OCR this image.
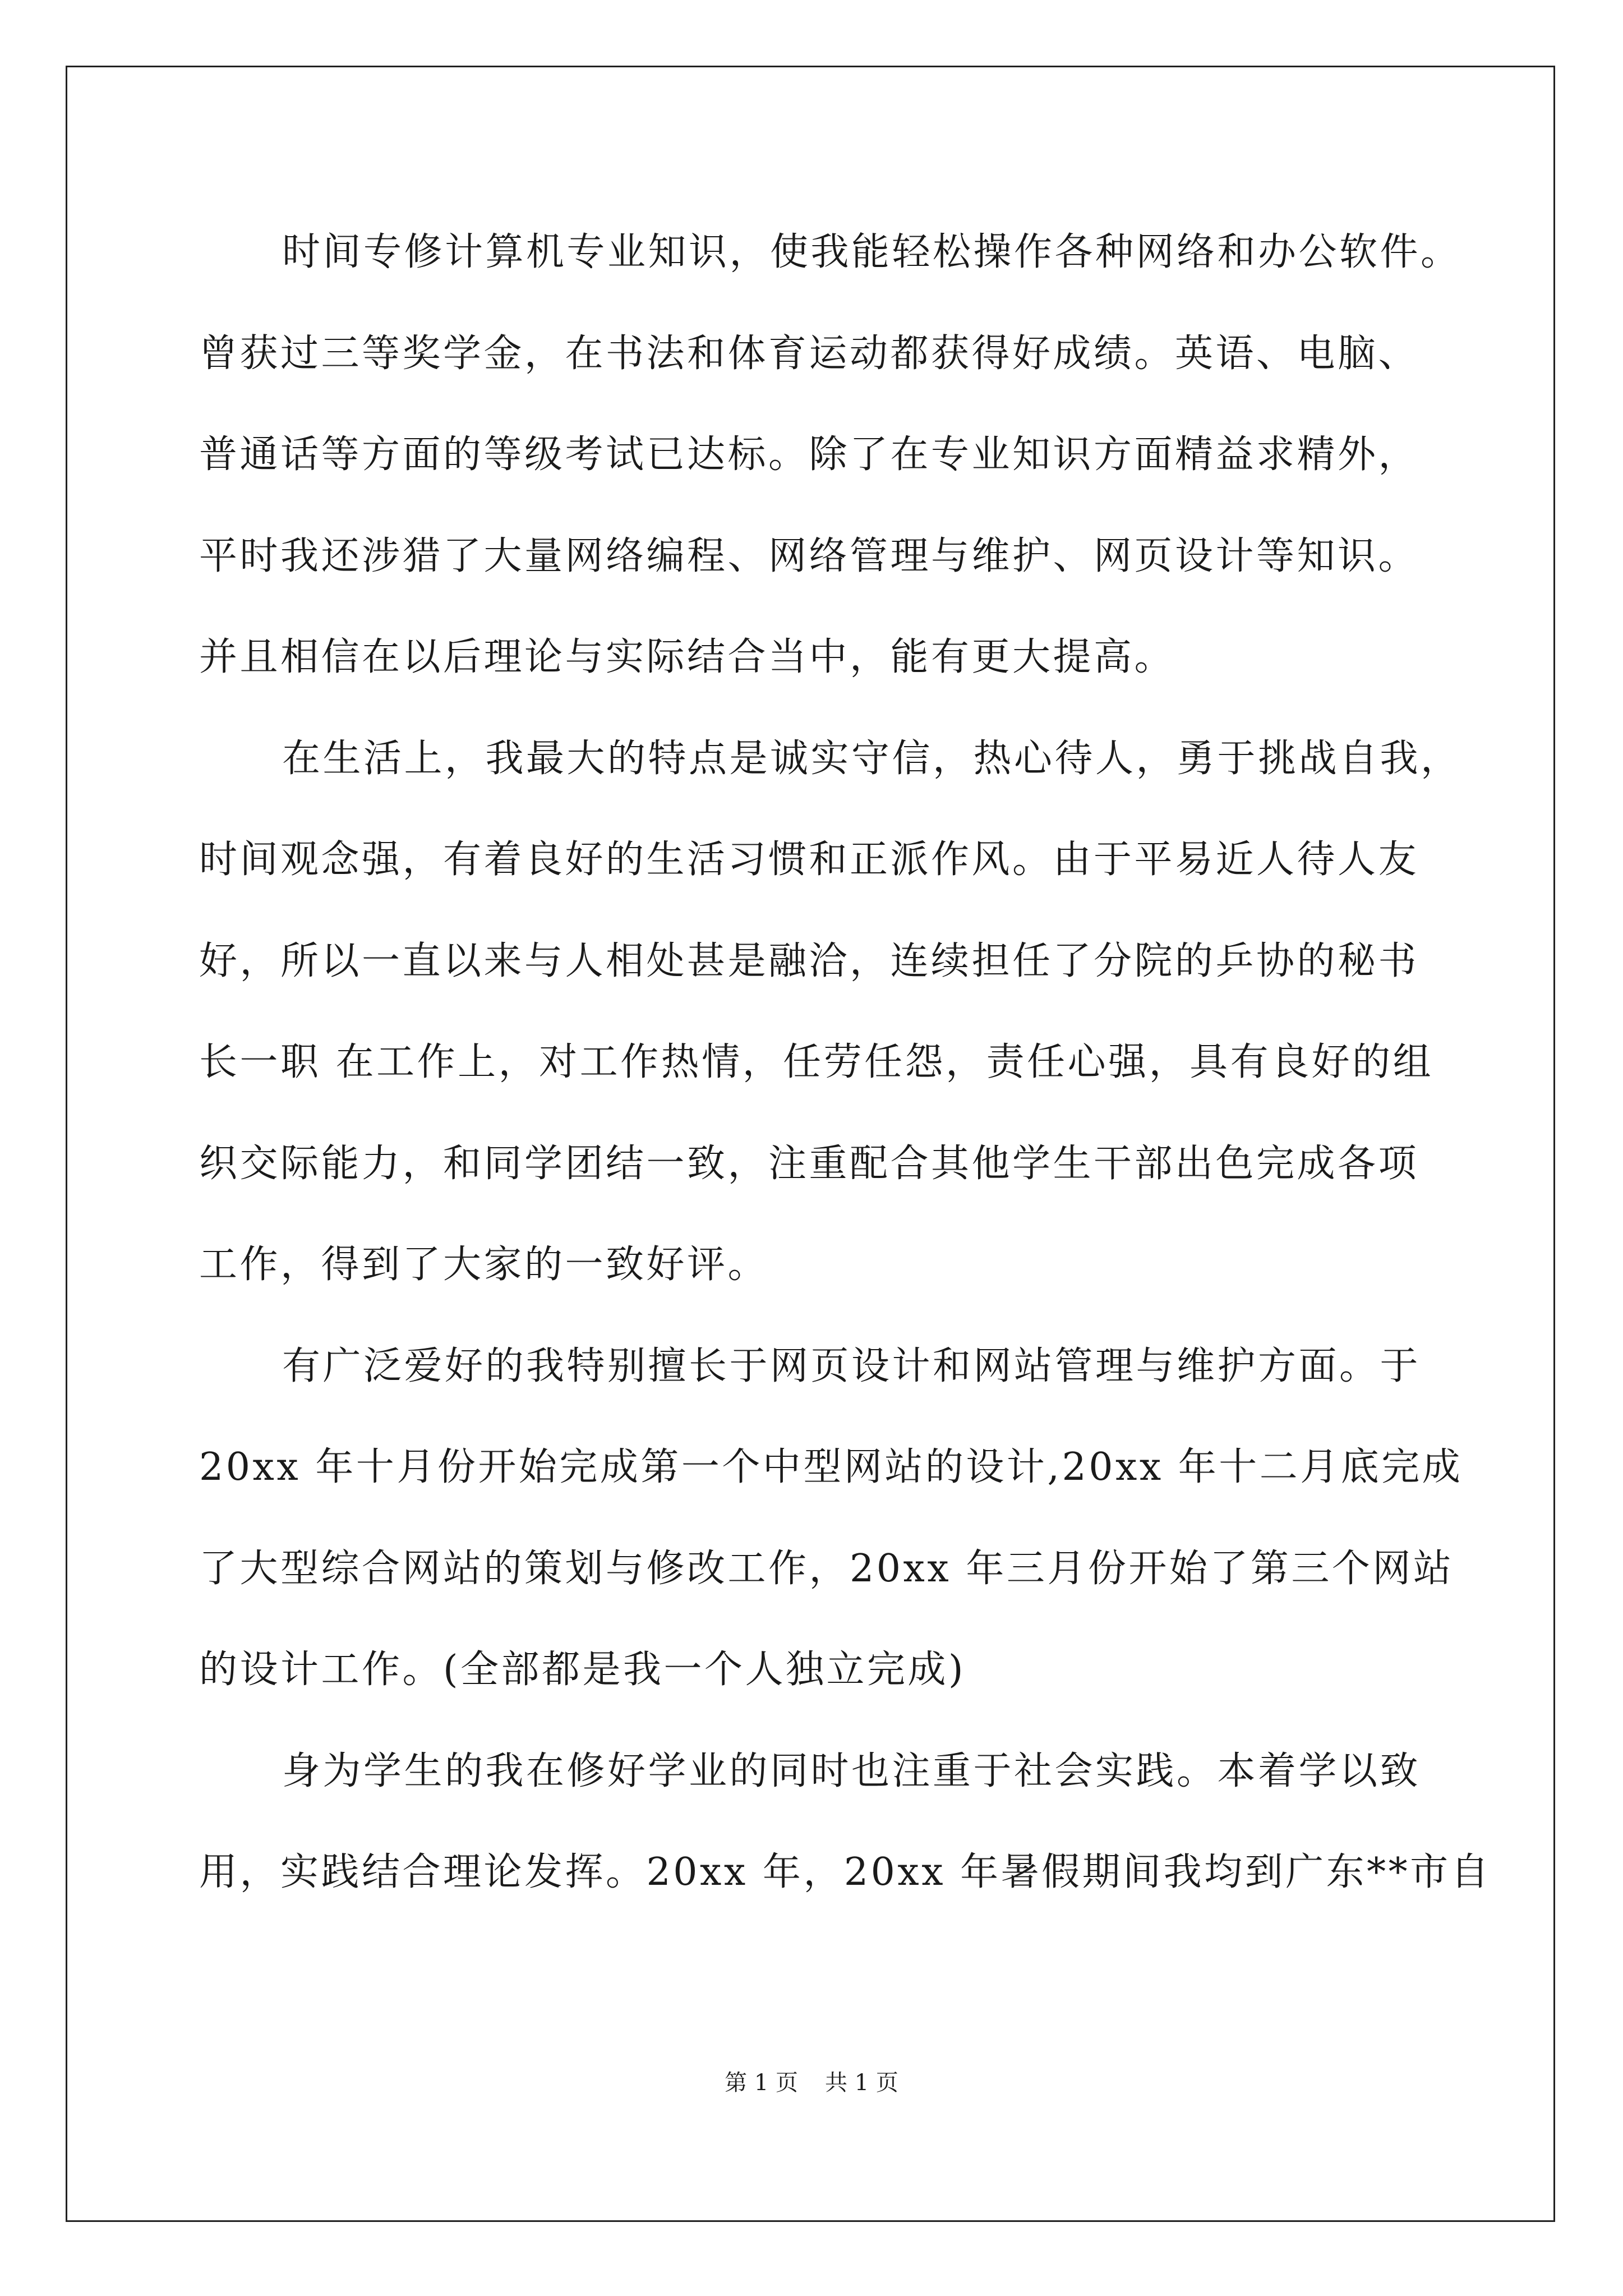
时间专修计算机专业知识，使我能轻松操作各种网络和办公软件。
曾获过三等奖学金，在书法和体育运动都获得好成绩。英语、电脑、
普通话等方面的等级考试已达标。除了在专业知识方面精益求精外，
平时我还涉猎了大量网络编程、网络管理与维护、网页设计等知识。
并且相信在以后理论与实际结合当中，能有更大提高。
在生活上，我最大的特点是诚实守信，热心待人，勇于挑战自我，
时间观念强，有着良好的生活习惯和正派作风。由于平易近人待人友
好，所以一直以来与人相处甚是融洽，连续担任了分院的乒协的秘书
长一职 在工作上，对工作热情，任劳任怨，责任心强，具有良好的组
织交际能力，和同学团结一致，注重配合其他学生干部出色完成各项
工作，得到了大家的一致好评。
有广泛爱好的我特别擅长于网页设计和网站管理与维护方面。于
20xx 年十月份开始完成第一个中型网站的设计,20xx 年十二月底完成
了大型综合网站的策划与修改工作，20xx 年三月份开始了第三个网站
的设计工作。(全部都是我一个人独立完成)
身为学生的我在修好学业的同时也注重于社会实践。本着学以致
用，实践结合理论发挥。20xx 年，20xx 年暑假期间我均到广东**市自
第 1 页 共 1 页
